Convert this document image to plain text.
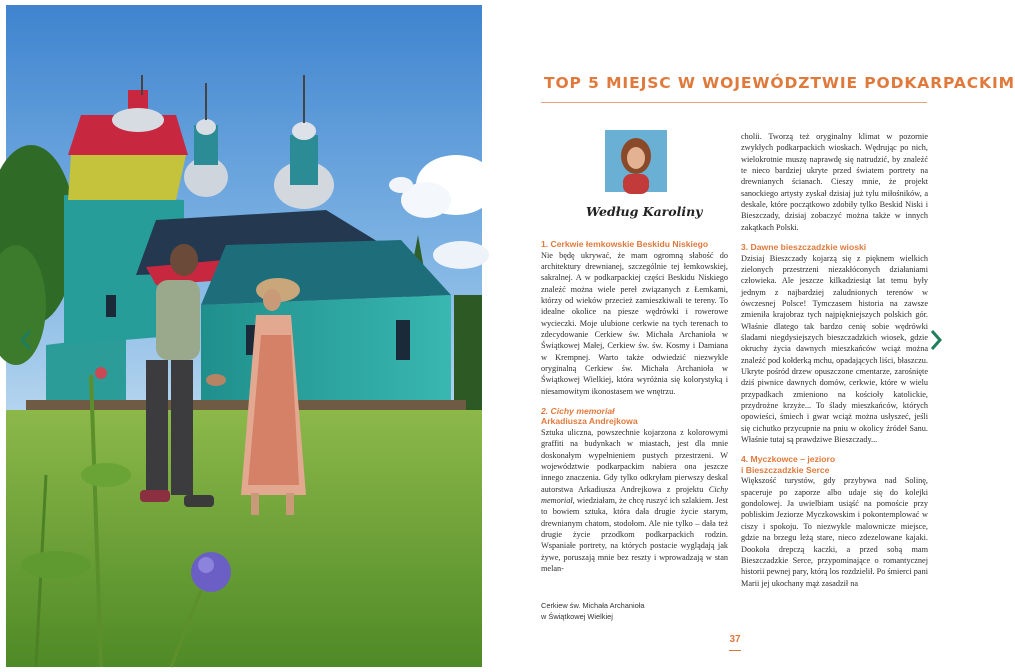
TOP 5 MIEJSC W WOJEWÓDZTWIE PODKARPACKIM
Według Karoliny
1. Cerkwie łemkowskie Beskidu Niskiego

Nie będę ukrywać, że mam ogromną słabość do architektury drewnianej, szczególnie tej łemkowskiej, sakralnej. A w podkarpackiej części Beskidu Niskiego znaleźć można wiele pereł związanych z Łemkami, którzy od wieków przecież zamieszkiwali te tereny. To idealne okolice na piesze wędrówki i rowerowe wycieczki. Moje ulubione cerkwie na tych terenach to zdecydowanie Cerkiew św. Michała Archanioła w Świątkowej Małej, Cerkiew św. św. Kosmy i Damiana w Krempnej. Warto także odwiedzić niezwykle oryginalną Cerkiew św. Michała Archanioła w Świątkowej Wielkiej, która wyróżnia się kolorystyką i niesamowitym ikonostasem we wnętrzu.

2. Cichy memoriał
Arkadiusza Andrejkowa

Sztuka uliczna, powszechnie kojarzona z kolorowymi graffiti na budynkach w miastach, jest dla mnie doskonałym wypełnieniem pustych przestrzeni. W województwie podkarpackim nabiera ona jeszcze innego znaczenia. Gdy tylko odkryłam pierwszy deskal autorstwa Arkadiusza Andrejkowa z projektu Cichy memoriał, wiedziałam, że chcę ruszyć ich szlakiem. Jest to bowiem sztuka, która dała drugie życie starym, drewnianym chatom, stodołom. Ale nie tylko – dała też drugie życie przodkom podkarpackich rodzin. Wspaniałe portrety, na których postacie wyglądają jak żywe, poruszają mnie bez reszty i wprowadzają w stan melan-

cholii. Tworzą też oryginalny klimat w pozornie zwykłych podkarpackich wioskach. Wędrując po nich, wielokrotnie muszę naprawdę się natrudzić, by znaleźć te nieco bardziej ukryte przed światem portrety na drewnianych ścianach. Cieszy mnie, że projekt sanockiego artysty zyskał dzisiaj już tylu miłośników, a deskale, które początkowo zdobiły tylko Beskid Niski i Bieszczady, dzisiaj zobaczyć można także w innych zakątkach Polski.

3. Dawne bieszczadzkie wioski

Dzisiaj Bieszczady kojarzą się z pięknem wielkich zielonych przestrzeni niezakłóconych działaniami człowieka. Ale jeszcze kilkadziesiąt lat temu były jednym z najbardziej zaludnionych terenów w ówczesnej Polsce! Tymczasem historia na zawsze zmieniła krajobraz tych najpiękniejszych polskich gór. Właśnie dlatego tak bardzo cenię sobie wędrówki śladami niegdysiejszych bieszczadzkich wiosek, gdzie okruchy życia dawnych mieszkańców wciąż można znaleźć pod kołderką mchu, opadających liści, błaszczu. Ukryte pośród drzew opuszczone cmentarze, zarośnięte dziś piwnice dawnych domów, cerkwie, które w wielu przypadkach zmieniono na kościoły katolickie, przydrożne krzyże... To ślady mieszkańców, których opowieści, śmiech i gwar wciąż można usłyszeć, jeśli się cichutko przycupnie na pniu w okolicy źródeł Sanu. Właśnie tutaj są prawdziwe Bieszczady...

4. Myczkowce – jezioro
i Bieszczadzkie Serce

Większość turystów, gdy przybywa nad Solinę, spaceruje po zaporze albo udaje się do kolejki gondolowej. Ja uwielbiam usiąść na pomoście przy pobliskim Jeziorze Myczkowskim i pokontemplować w ciszy i spokoju. To niezwykle malownicze miejsce, gdzie na brzegu leżą stare, nieco zdezelowane kajaki. Dookoła drepczą kaczki, a przed sobą mam Bieszczadzkie Serce, przypominające o romantycznej historii pewnej pary, którą los rozdzielił. Po śmierci pani Marii jej ukochany mąż zasadził na

Cerkiew św. Michała Archanioła
w Świątkowej Wielkiej
37
